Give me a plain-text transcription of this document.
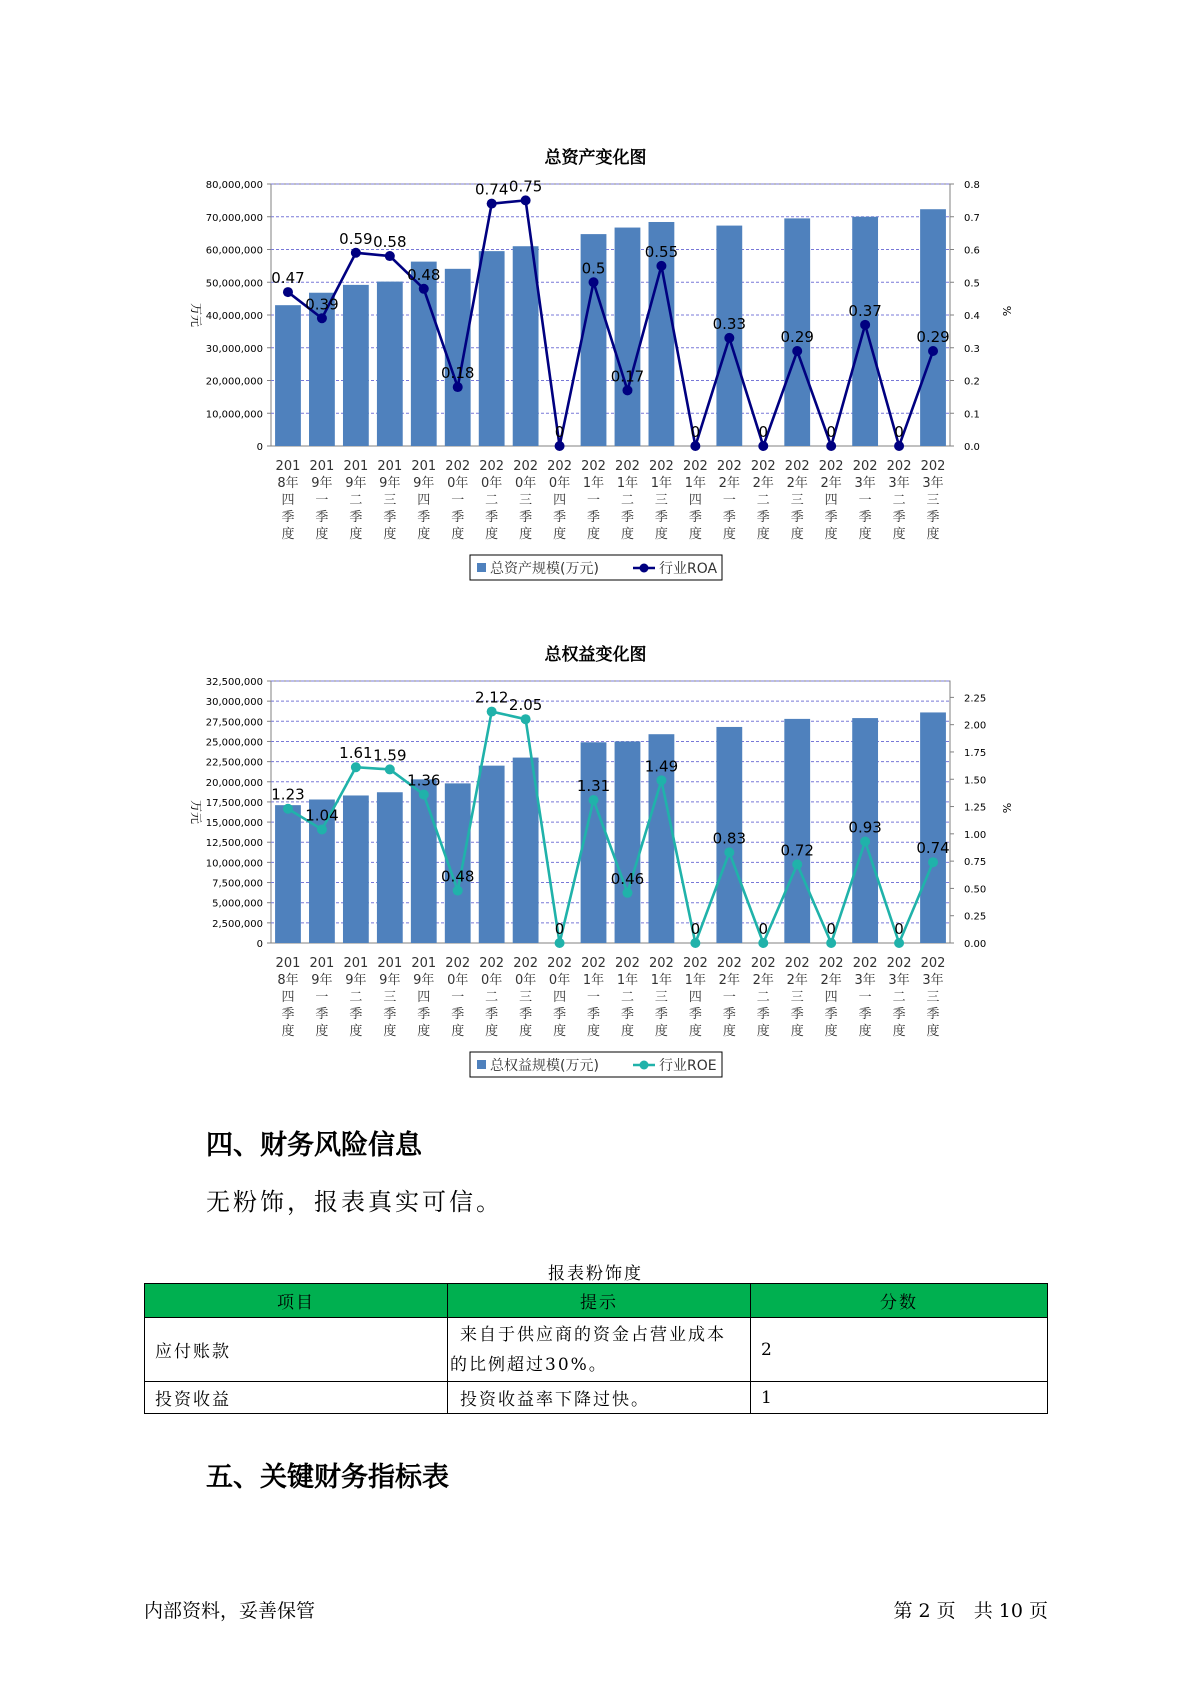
总资产变化图
0
10,000,000
20,000,000
30,000,000
40,000,000
50,000,000
60,000,000
70,000,000
80,000,000
0.0
0.1
0.2
0.3
0.4
0.5
0.6
0.7
0.8
万元	%
201 8年四季度
201 9年一季度
201 9年二季度
201 9年三季度
201 9年四季度
202 0年一季度
202 0年二季度
202 0年三季度
202 0年四季度
202 1年一季度
202 1年二季度
202 1年三季度
202 1年四季度
202 2年一季度
202 2年二季度
202 2年三季度
202 2年四季度
202 3年一季度
202 3年二季度
202 3年三季度
0.47
0.39
0.59 0.58
0.48
0.18
0.74 0.75
0
0.5
0.17
0.55
0
0.33
0
0.29
0
0.37
0
0.29
总资产规模(万元)	行业ROA
总权益变化图
0
2,500,000
5,000,000
7,500,000
10,000,000
12,500,000
15,000,000
17,500,000
20,000,000
22,500,000
25,000,000
27,500,000
30,000,000
32,500,000
0.00
0.25
0.50
0.75
1.00
1.25
1.50
1.75
2.00
2.25
万元	%
201 8年四季度
201 9年一季度
201 9年二季度
201 9年三季度
201 9年四季度
202 0年一季度
202 0年二季度
202 0年三季度
202 0年四季度
202 1年一季度
202 1年二季度
202 1年三季度
202 1年四季度
202 2年一季度
202 2年二季度
202 2年三季度
202 2年四季度
202 3年一季度
202 3年二季度
202 3年三季度
1.23
1.04
1.61 1.59
1.36
0.48
2.12 2.05
0
1.31
0.46
1.49
0
0.83
0
0.72
0
0.93
0
0.74
总权益规模(万元)	行业ROE
四、财务风险信息
无粉饰，报表真实可信。
报表粉饰度
项目	提示	分数
应付账款	来自于供应商的资金占营业成本
的比例超过30%。	2
投资收益	投资收益率下降过快。	1
五、关键财务指标表
内部资料，妥善保管	第 2 页   共 10 页
